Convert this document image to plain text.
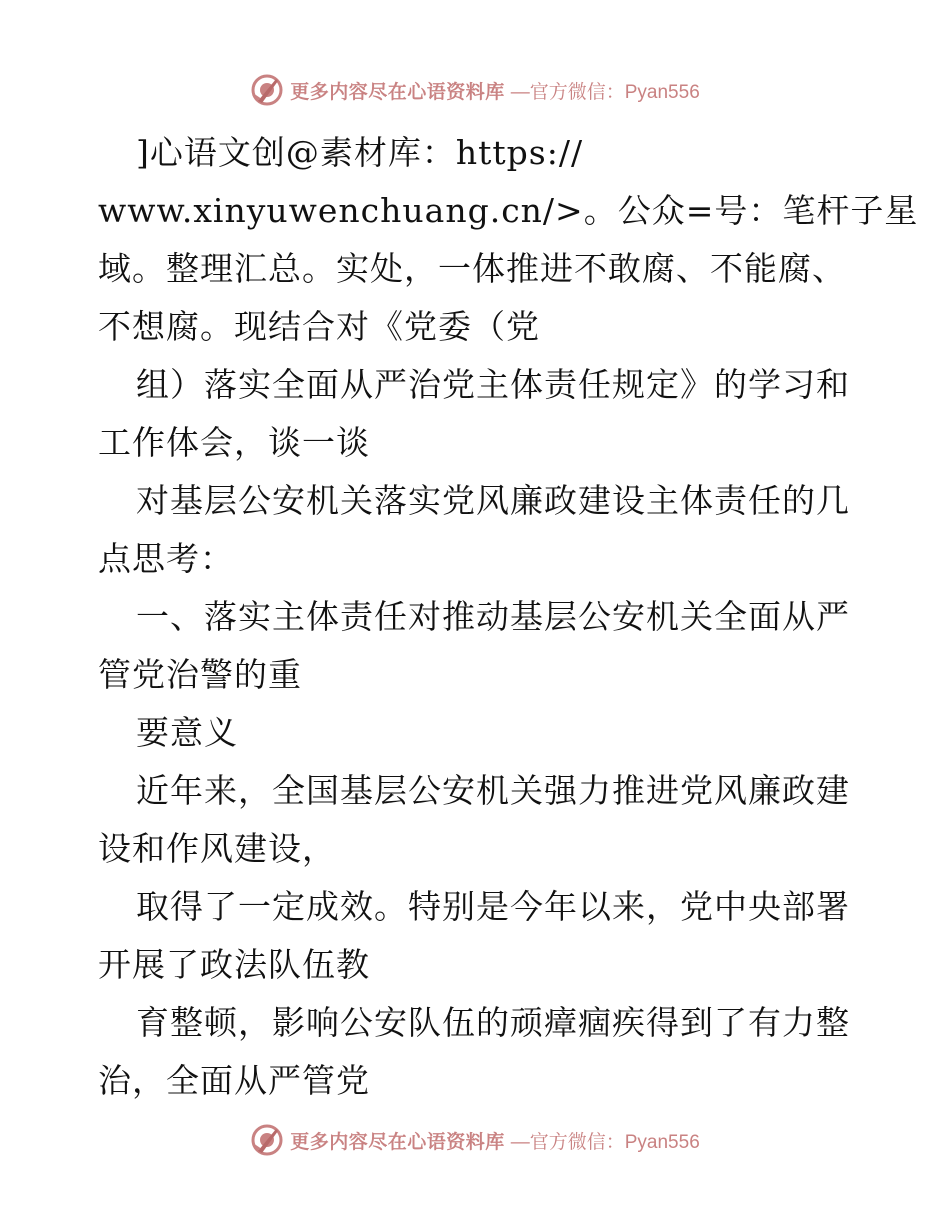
更多内容尽在心语资料库 —官方微信：Pyan556
]心语文创@素材库：https://
www.xinyuwenchuang.cn/>。公众=号：笔杆子星
域。整理汇总。实处，一体推进不敢腐、不能腐、
不想腐。现结合对《党委（党
组）落实全面从严治党主体责任规定》的学习和
工作体会，谈一谈
对基层公安机关落实党风廉政建设主体责任的几
点思考：
一、落实主体责任对推动基层公安机关全面从严
管党治警的重
要意义
近年来，全国基层公安机关强力推进党风廉政建
设和作风建设，
取得了一定成效。特别是今年以来，党中央部署
开展了政法队伍教
育整顿，影响公安队伍的顽瘴痼疾得到了有力整
治，全面从严管党
更多内容尽在心语资料库 —官方微信：Pyan556
